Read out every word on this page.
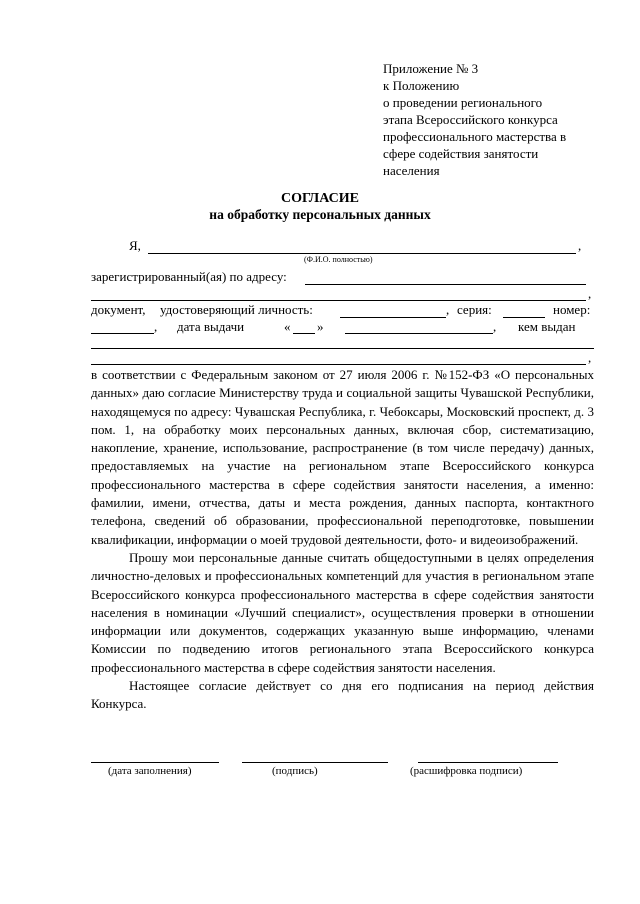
Приложение № 3
к Положению
о проведении регионального
этапа Всероссийского конкурса
профессионального мастерства в
сфере содействия занятости
населения
СОГЛАСИЕ
на обработку персональных данных
Я,	,
(Ф.И.О. полностью)
зарегистрированный(ая) по адресу:
,
документ, удостоверяющий личность:	, серия:	номер:
, дата выдачи	« »	, кем выдан
,

в соответствии с Федеральным законом от 27 июля 2006 г. №152-ФЗ «О персональных данных» даю согласие Министерству труда и социальной защиты Чувашской Республики, находящемуся по адресу: Чувашская Республика, г. Чебоксары, Московский проспект, д. 3 пом. 1, на обработку моих персональных данных, включая сбор, систематизацию, накопление, хранение, использование, распространение (в том числе передачу) данных, предоставляемых на участие на региональном этапе Всероссийского конкурса профессионального мастерства в сфере содействия занятости населения, а именно: фамилии, имени, отчества, даты и места рождения, данных паспорта, контактного телефона, сведений об образовании, профессиональной переподготовке, повышении квалификации, информации о моей трудовой деятельности, фото- и видеоизображений.

Прошу мои персональные данные считать общедоступными в целях определения личностно-деловых и профессиональных компетенций для участия в региональном этапе Всероссийского конкурса профессионального мастерства в сфере содействия занятости населения в номинации «Лучший специалист», осуществления проверки в отношении информации или документов, содержащих указанную выше информацию, членами Комиссии по подведению итогов регионального этапа Всероссийского конкурса профессионального мастерства в сфере содействия занятости населения.

Настоящее согласие действует со дня его подписания на период действия Конкурса.

(дата заполнения)	(подпись)	(расшифровка подписи)
